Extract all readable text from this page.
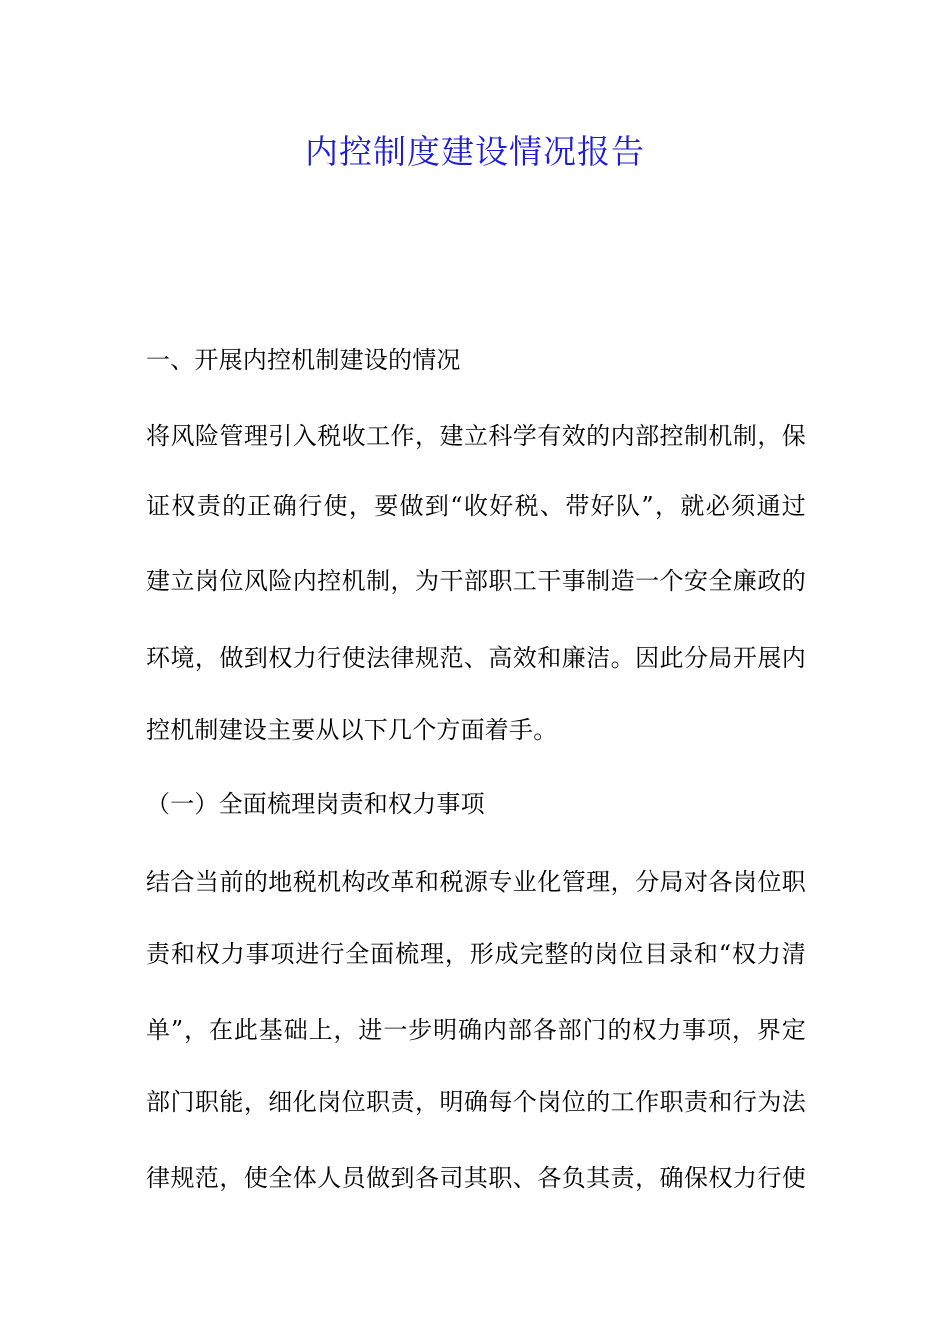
内控制度建设情况报告
一、开展内控机制建设的情况
将风险管理引入税收工作，建立科学有效的内部控制机制，保
证权责的正确行使，要做到“收好税、带好队”，就必须通过
建立岗位风险内控机制，为干部职工干事制造一个安全廉政的
环境，做到权力行使法律规范、高效和廉洁。因此分局开展内
控机制建设主要从以下几个方面着手。
（一）全面梳理岗责和权力事项
结合当前的地税机构改革和税源专业化管理，分局对各岗位职
责和权力事项进行全面梳理，形成完整的岗位目录和“权力清
单”，在此基础上，进一步明确内部各部门的权力事项，界定
部门职能，细化岗位职责，明确每个岗位的工作职责和行为法
律规范，使全体人员做到各司其职、各负其责，确保权力行使
